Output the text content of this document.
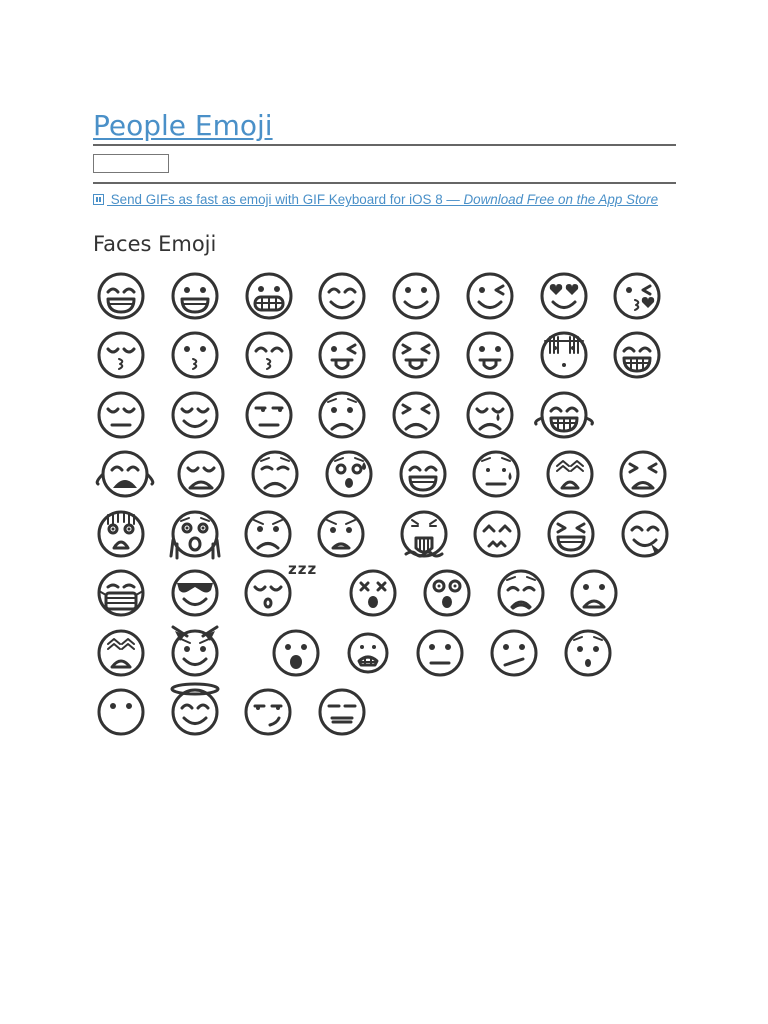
People Emoji
Send GIFs as fast as emoji with GIF Keyboard for iOS 8 — Download Free on the App Store
Faces Emoji
zzz
